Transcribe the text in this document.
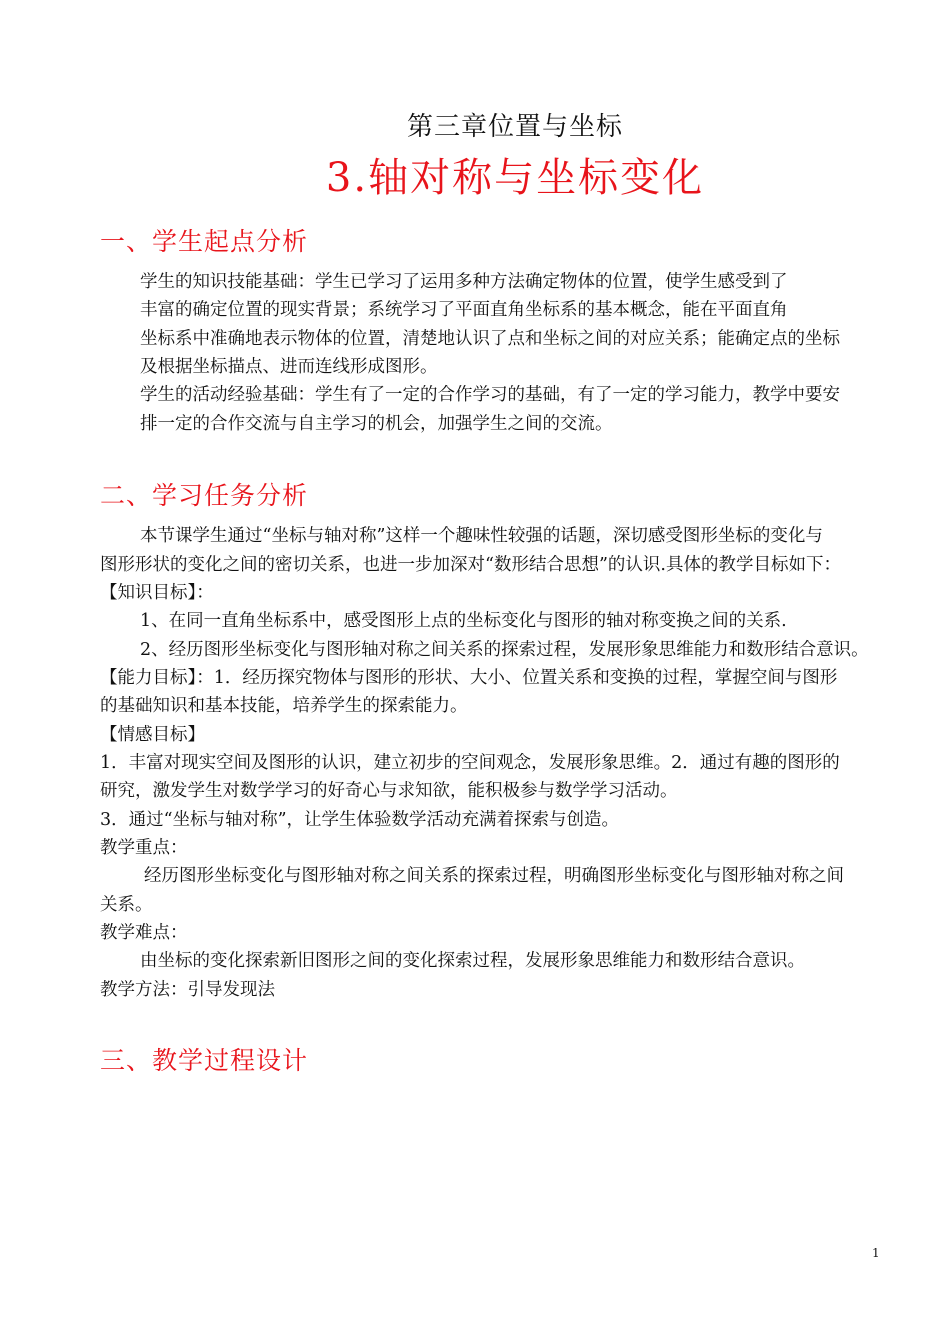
第三章位置与坐标
3.轴对称与坐标变化
一、学生起点分析
学生的知识技能基础：学生已学习了运用多种方法确定物体的位置，使学生感受到了
丰富的确定位置的现实背景；系统学习了平面直角坐标系的基本概念，能在平面直角
坐标系中准确地表示物体的位置，清楚地认识了点和坐标之间的对应关系；能确定点的坐标
及根据坐标描点、进而连线形成图形。
学生的活动经验基础：学生有了一定的合作学习的基础，有了一定的学习能力，教学中要安
排一定的合作交流与自主学习的机会，加强学生之间的交流。
二、学习任务分析
本节课学生通过“坐标与轴对称”这样一个趣味性较强的话题，深切感受图形坐标的变化与
图形形状的变化之间的密切关系，也进一步加深对“数形结合思想”的认识.具体的教学目标如下：
【知识目标】：
1、在同一直角坐标系中，感受图形上点的坐标变化与图形的轴对称变换之间的关系.
2、经历图形坐标变化与图形轴对称之间关系的探索过程，发展形象思维能力和数形结合意识。
【能力目标】：1．经历探究物体与图形的形状、大小、位置关系和变换的过程，掌握空间与图形
的基础知识和基本技能，培养学生的探索能力。
【情感目标】
1．丰富对现实空间及图形的认识，建立初步的空间观念，发展形象思维。2．通过有趣的图形的
研究，激发学生对数学学习的好奇心与求知欲，能积极参与数学学习活动。
3．通过“坐标与轴对称”，让学生体验数学活动充满着探索与创造。
教学重点：
经历图形坐标变化与图形轴对称之间关系的探索过程，明确图形坐标变化与图形轴对称之间
关系。
教学难点：
由坐标的变化探索新旧图形之间的变化探索过程，发展形象思维能力和数形结合意识。
教学方法：引导发现法
三、教学过程设计
1
